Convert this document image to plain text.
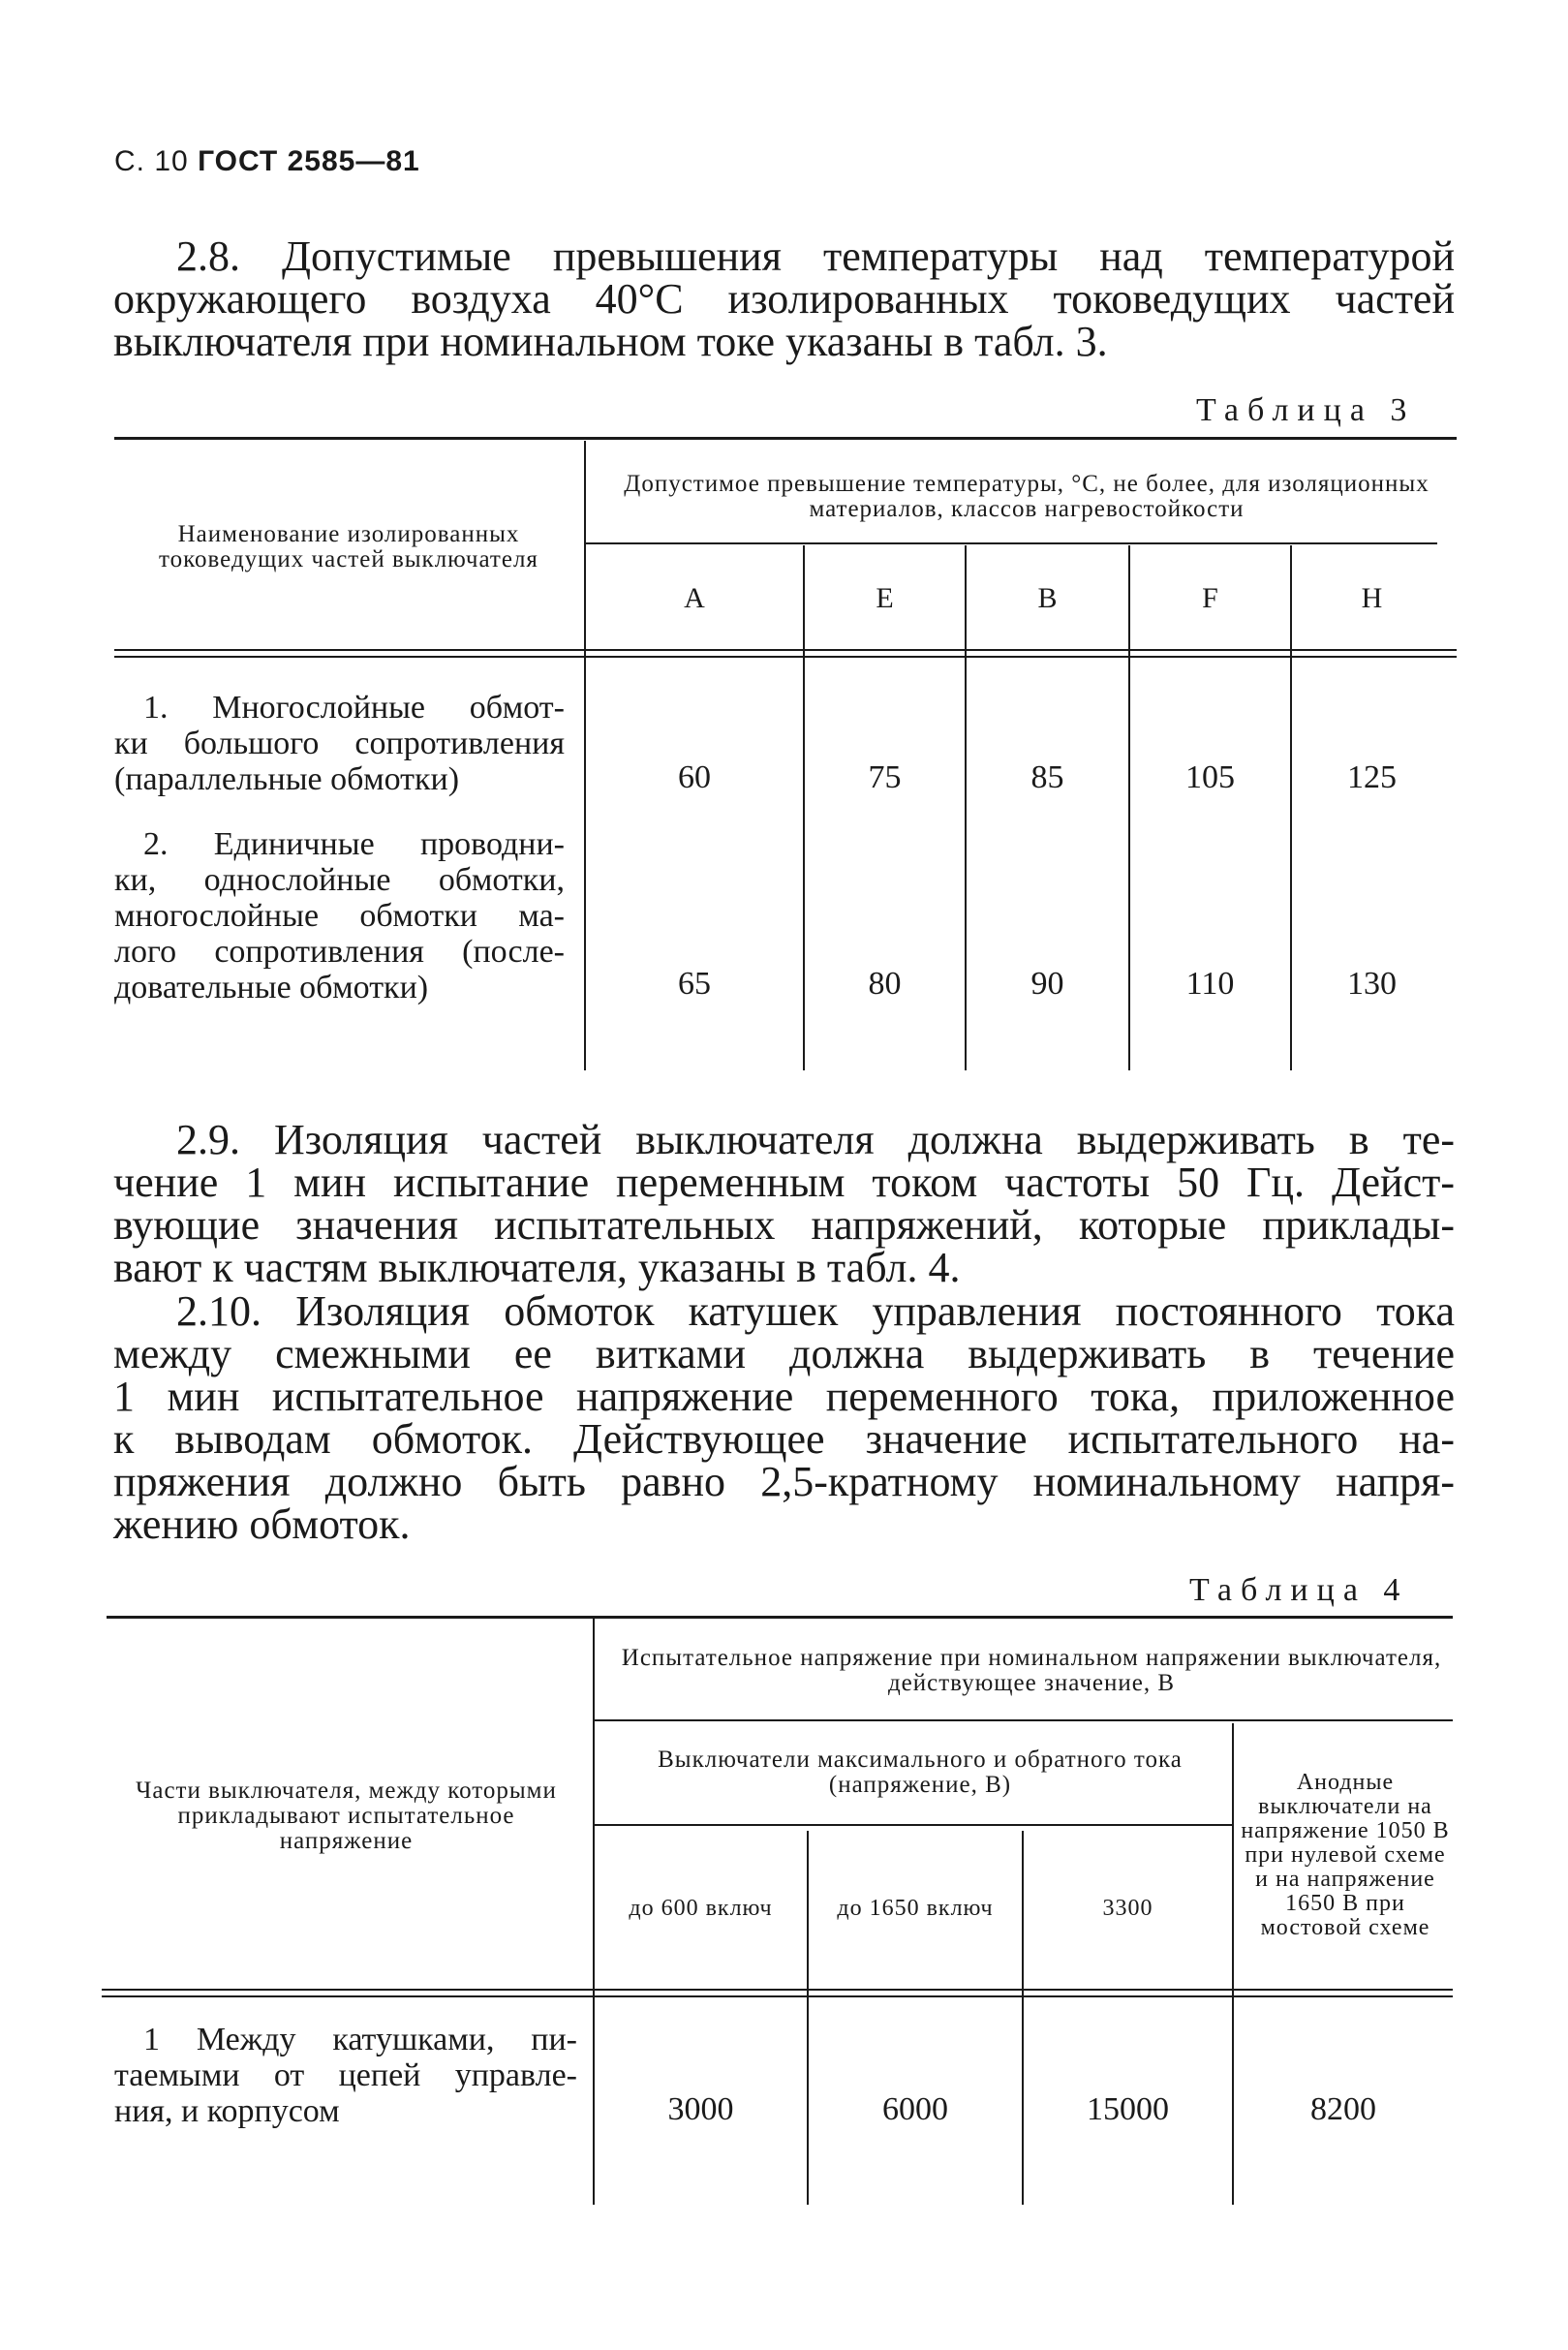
С. 10 ГОСТ 2585—81
2.8. Допустимые превышения температуры над температурой
окружающего воздуха 40°С изолированных токоведущих частей
выключателя при номинальном токе указаны в табл. 3.
Таблица 3
Наименование изолированных токоведущих частей выключателя
Допустимое превышение температуры, °С, не более, для изоляционных материалов, классов нагревостойкости
А	Е	В	F	Н
1. Многослойные обмот-
ки большого сопротивления
(параллельные обмотки)	60	75	85	105	125
2. Единичные проводни-
ки, однослойные обмотки,
многослойные обмотки ма-
лого сопротивления (после-
довательные обмотки)	65	80	90	110	130
2.9. Изоляция частей выключателя должна выдерживать в те-
чение 1 мин испытание переменным током частоты 50 Гц. Дейст-
вующие значения испытательных напряжений, которые приклады-
вают к частям выключателя, указаны в табл. 4.
2.10. Изоляция обмоток катушек управления постоянного тока
между смежными ее витками должна выдерживать в течение
1 мин испытательное напряжение переменного тока, приложенное
к выводам обмоток. Действующее значение испытательного на-
пряжения должно быть равно 2,5-кратному номинальному напря-
жению обмоток.
Таблица 4
Части выключателя, между которыми прикладывают испытательное напряжение
Испытательное напряжение при номинальном напряжении выключателя, действующее значение, В
Выключатели максимального и обратного тока (напряжение, В)	Анодные выключатели на напряжение 1050 В при нулевой схеме и на напряжение 1650 В при мостовой схеме
до 600 включ	до 1650 включ	3300
1 Между катушками, пи-
таемыми от цепей управле-
ния, и корпусом	3000	6000	15000	8200
